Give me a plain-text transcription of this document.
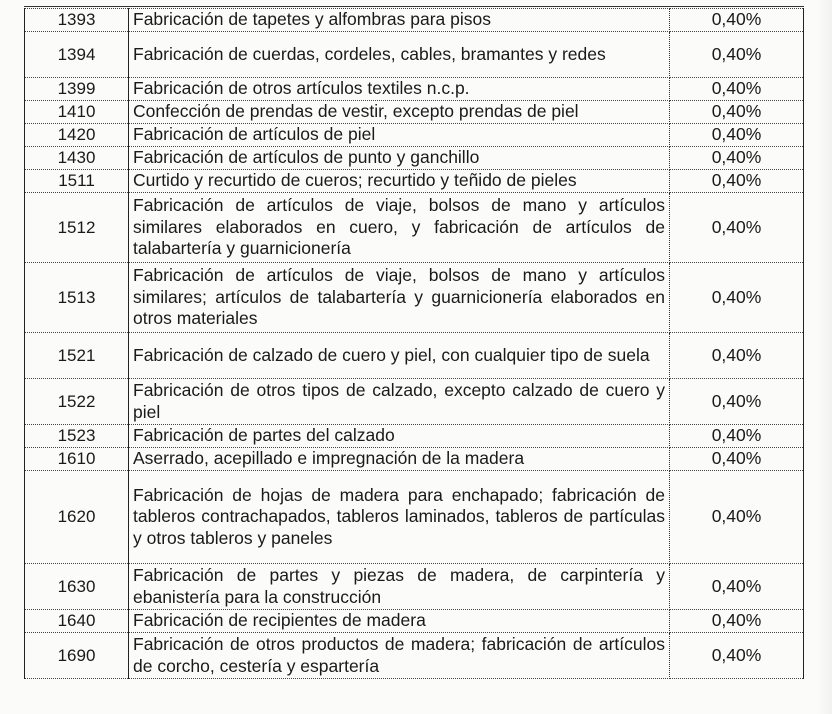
1393	Fabricación de tapetes y alfombras para pisos	0,40%
1394	Fabricación de cuerdas, cordeles, cables, bramantes y redes	0,40%
1399	Fabricación de otros artículos textiles n.c.p.	0,40%
1410	Confección de prendas de vestir, excepto prendas de piel	0,40%
1420	Fabricación de artículos de piel	0,40%
1430	Fabricación de artículos de punto y ganchillo	0,40%
1511	Curtido y recurtido de cueros; recurtido y teñido de pieles	0,40%
1512	Fabricación de artículos de viaje, bolsos de mano y artículos similares elaborados en cuero, y fabricación de artículos de talabartería y guarnicionería	0,40%
1513	Fabricación de artículos de viaje, bolsos de mano y artículos similares; artículos de talabartería y guarnicionería elaborados en otros materiales	0,40%
1521	Fabricación de calzado de cuero y piel, con cualquier tipo de suela	0,40%
1522	Fabricación de otros tipos de calzado, excepto calzado de cuero y piel	0,40%
1523	Fabricación de partes del calzado	0,40%
1610	Aserrado, acepillado e impregnación de la madera	0,40%
1620	Fabricación de hojas de madera para enchapado; fabricación de tableros contrachapados, tableros laminados, tableros de partículas y otros tableros y paneles	0,40%
1630	Fabricación de partes y piezas de madera, de carpintería y ebanistería para la construcción	0,40%
1640	Fabricación de recipientes de madera	0,40%
1690	Fabricación de otros productos de madera; fabricación de artículos de corcho, cestería y espartería	0,40%
